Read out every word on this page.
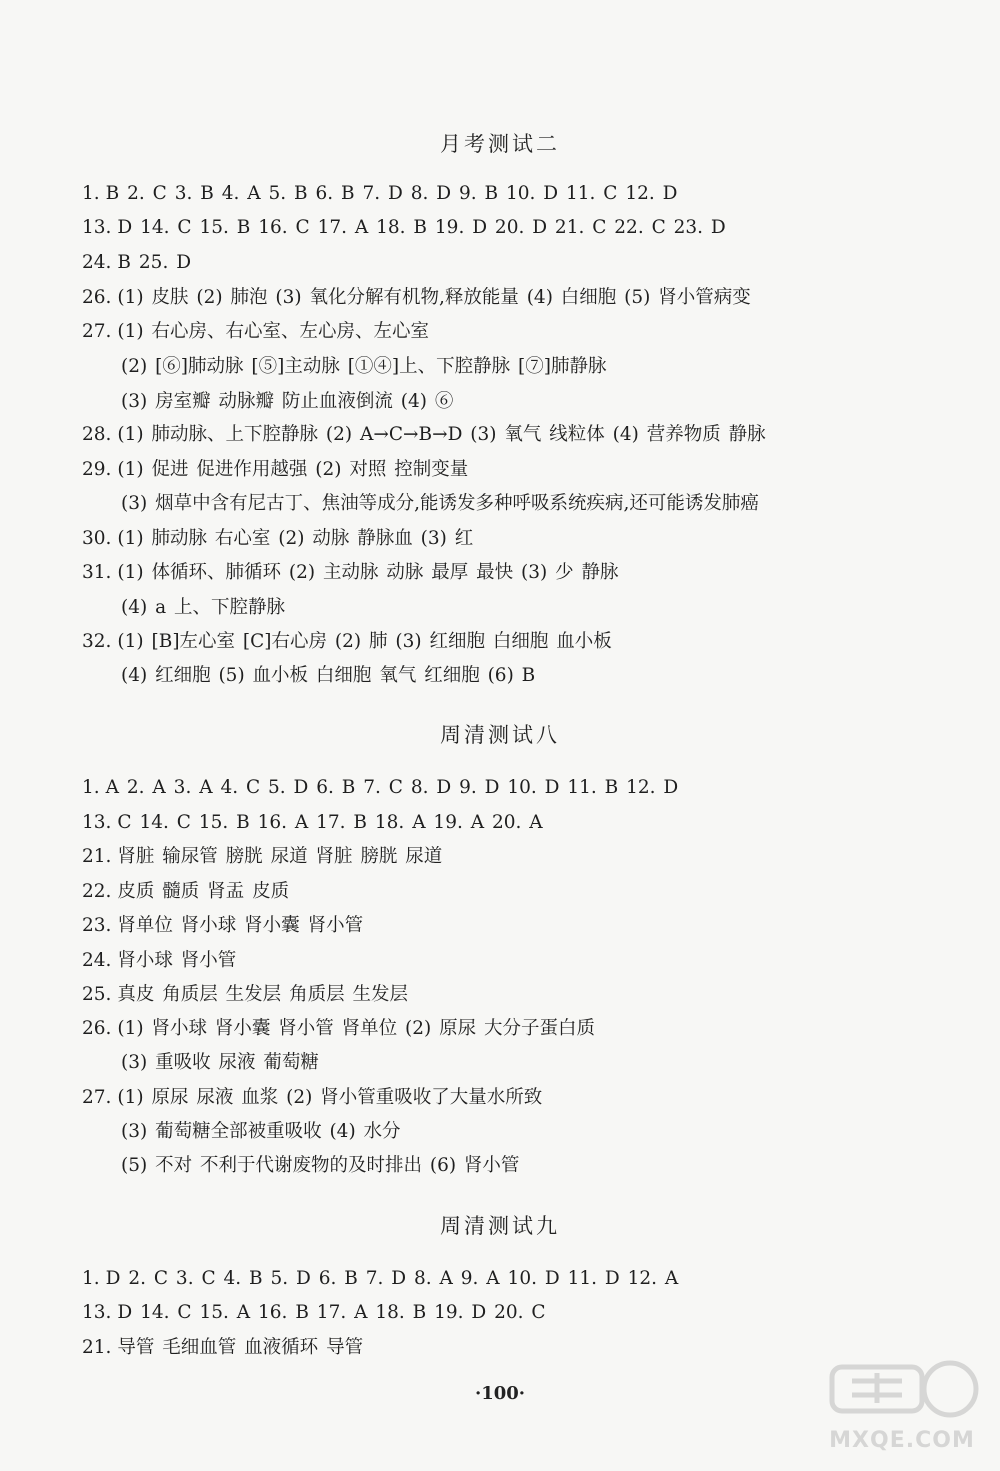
月考测试二
1. B 2. C 3. B 4. A 5. B 6. B 7. D 8. D 9. B 10. D 11. C 12. D
13. D 14. C 15. B 16. C 17. A 18. B 19. D 20. D 21. C 22. C 23. D
24. B 25. D
26. (1) 皮肤 (2) 肺泡 (3) 氧化分解有机物,释放能量 (4) 白细胞 (5) 肾小管病变
27. (1) 右心房、右心室、左心房、左心室
(2) [⑥]肺动脉 [⑤]主动脉 [①④]上、下腔静脉 [⑦]肺静脉
(3) 房室瓣 动脉瓣 防止血液倒流 (4) ⑥
28. (1) 肺动脉、上下腔静脉 (2) A→C→B→D (3) 氧气 线粒体 (4) 营养物质 静脉
29. (1) 促进 促进作用越强 (2) 对照 控制变量
(3) 烟草中含有尼古丁、焦油等成分,能诱发多种呼吸系统疾病,还可能诱发肺癌
30. (1) 肺动脉 右心室 (2) 动脉 静脉血 (3) 红
31. (1) 体循环、肺循环 (2) 主动脉 动脉 最厚 最快 (3) 少 静脉
(4) a 上、下腔静脉
32. (1) [B]左心室 [C]右心房 (2) 肺 (3) 红细胞 白细胞 血小板
(4) 红细胞 (5) 血小板 白细胞 氧气 红细胞 (6) B
周清测试八
1. A 2. A 3. A 4. C 5. D 6. B 7. C 8. D 9. D 10. D 11. B 12. D
13. C 14. C 15. B 16. A 17. B 18. A 19. A 20. A
21. 肾脏 输尿管 膀胱 尿道 肾脏 膀胱 尿道
22. 皮质 髓质 肾盂 皮质
23. 肾单位 肾小球 肾小囊 肾小管
24. 肾小球 肾小管
25. 真皮 角质层 生发层 角质层 生发层
26. (1) 肾小球 肾小囊 肾小管 肾单位 (2) 原尿 大分子蛋白质
(3) 重吸收 尿液 葡萄糖
27. (1) 原尿 尿液 血浆 (2) 肾小管重吸收了大量水所致
(3) 葡萄糖全部被重吸收 (4) 水分
(5) 不对 不利于代谢废物的及时排出 (6) 肾小管
周清测试九
1. D 2. C 3. C 4. B 5. D 6. B 7. D 8. A 9. A 10. D 11. D 12. A
13. D 14. C 15. A 16. B 17. A 18. B 19. D 20. C
21. 导管 毛细血管 血液循环 导管
·100·
MXQE.COM
